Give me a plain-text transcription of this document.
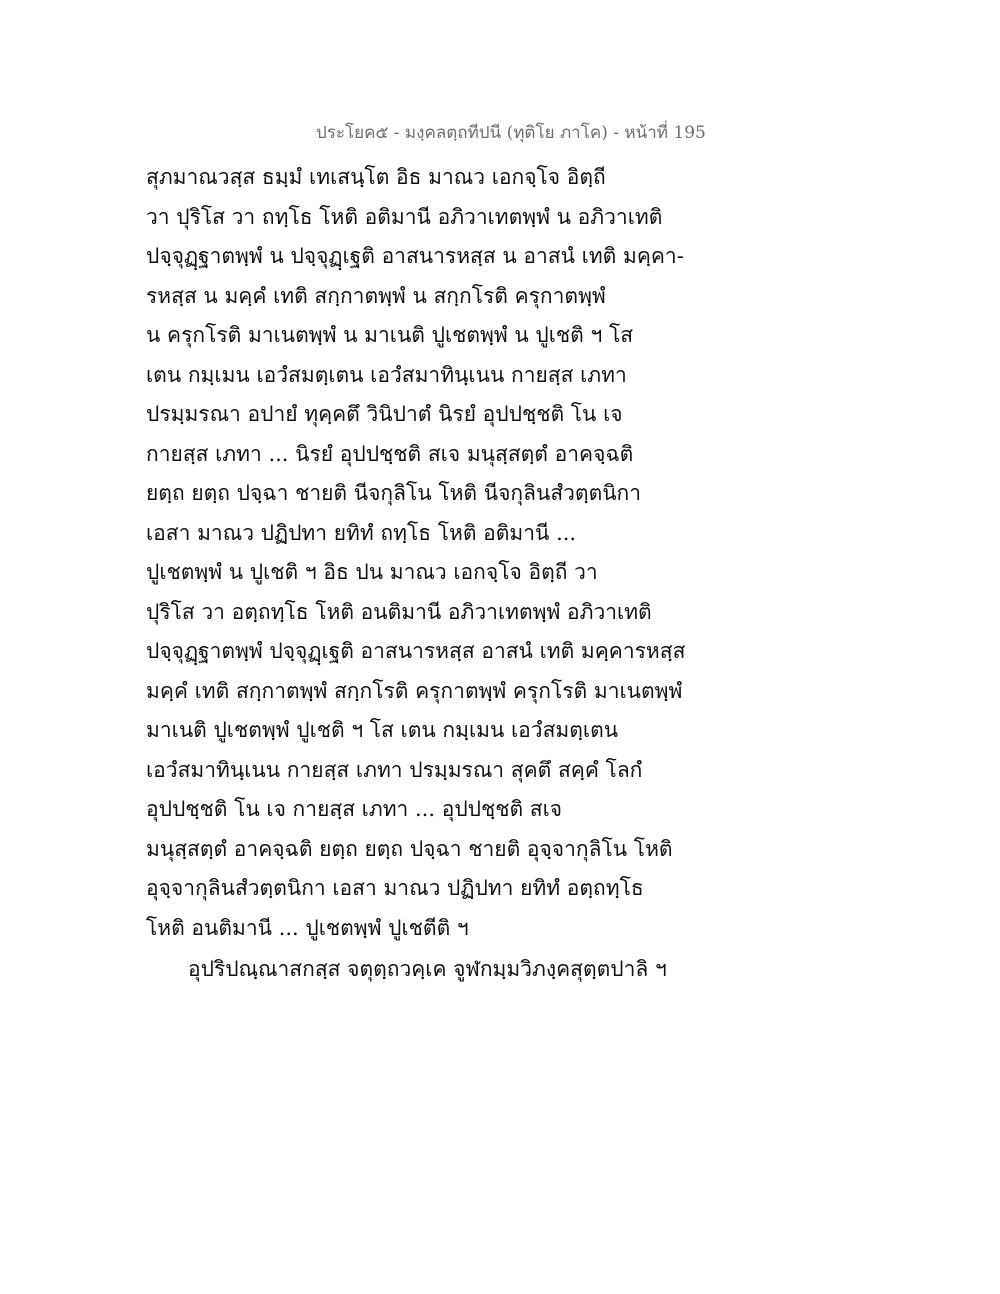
ประโยค๕ - มงฺคลตฺถทีปนี (ทุติโย ภาโค) - หน้าที่ 195
สุภมาณวสฺส ธมฺมํ เทเสนฺโต อิธ มาณว เอกจฺโจ อิตฺถี
วา ปุริโส วา ถทฺโธ โหติ อติมานี อภิวาเทตพฺพํ น อภิวาเทติ
ปจฺจุฏฺฐาตพฺพํ น ปจฺจุฏฺเฐติ อาสนารหสฺส น อาสนํ เทติ มคฺคา-
รหสฺส น มคฺคํ เทติ สกฺกาตพฺพํ น สกฺกโรติ ครุกาตพฺพํ
น ครุกโรติ มาเนตพฺพํ น มาเนติ ปูเชตพฺพํ น ปูเชติ ฯ โส
เตน กมฺเมน เอวํสมตฺเตน เอวํสมาทินฺเนน กายสฺส เภทา
ปรมฺมรณา อปายํ ทุคฺคตึ วินิปาตํ นิรยํ อุปปชฺชติ โน เจ
กายสฺส เภทา ... นิรยํ อุปปชฺชติ สเจ มนุสฺสตฺตํ อาคจฺฉติ
ยตฺถ ยตฺถ ปจฺฉา ชายติ นีจกุลิโน โหติ นีจกุลินสํวตฺตนิกา
เอสา มาณว ปฏิปทา ยทิทํ ถทฺโธ โหติ อติมานี ...
ปูเชตพฺพํ น ปูเชติ ฯ อิธ ปน มาณว เอกจฺโจ อิตฺถี วา
ปุริโส วา อตฺถทฺโธ โหติ อนติมานี อภิวาเทตพฺพํ อภิวาเทติ
ปจฺจุฏฺฐาตพฺพํ ปจฺจุฏฺเฐติ อาสนารหสฺส อาสนํ เทติ มคฺคารหสฺส
มคฺคํ เทติ สกฺกาตพฺพํ สกฺกโรติ ครุกาตพฺพํ ครุกโรติ มาเนตพฺพํ
มาเนติ ปูเชตพฺพํ ปูเชติ ฯ โส เตน กมฺเมน เอวํสมตฺเตน
เอวํสมาทินฺเนน กายสฺส เภทา ปรมฺมรณา สุคตึ สคฺคํ โลกํ
อุปปชฺชติ โน เจ กายสฺส เภทา ... อุปปชฺชติ สเจ
มนุสฺสตฺตํ อาคจฺฉติ ยตฺถ ยตฺถ ปจฺฉา ชายติ อุจฺจากุลิโน โหติ
อุจฺจากุลินสํวตฺตนิกา เอสา มาณว ปฏิปทา ยทิทํ อตฺถทฺโธ
โหติ อนติมานี ... ปูเชตพฺพํ ปูเชตีติ ฯ
อุปริปณฺณาสกสฺส จตุตฺถวคฺเค จูฬกมฺมวิภงฺคสุตฺตปาลิ ฯ
